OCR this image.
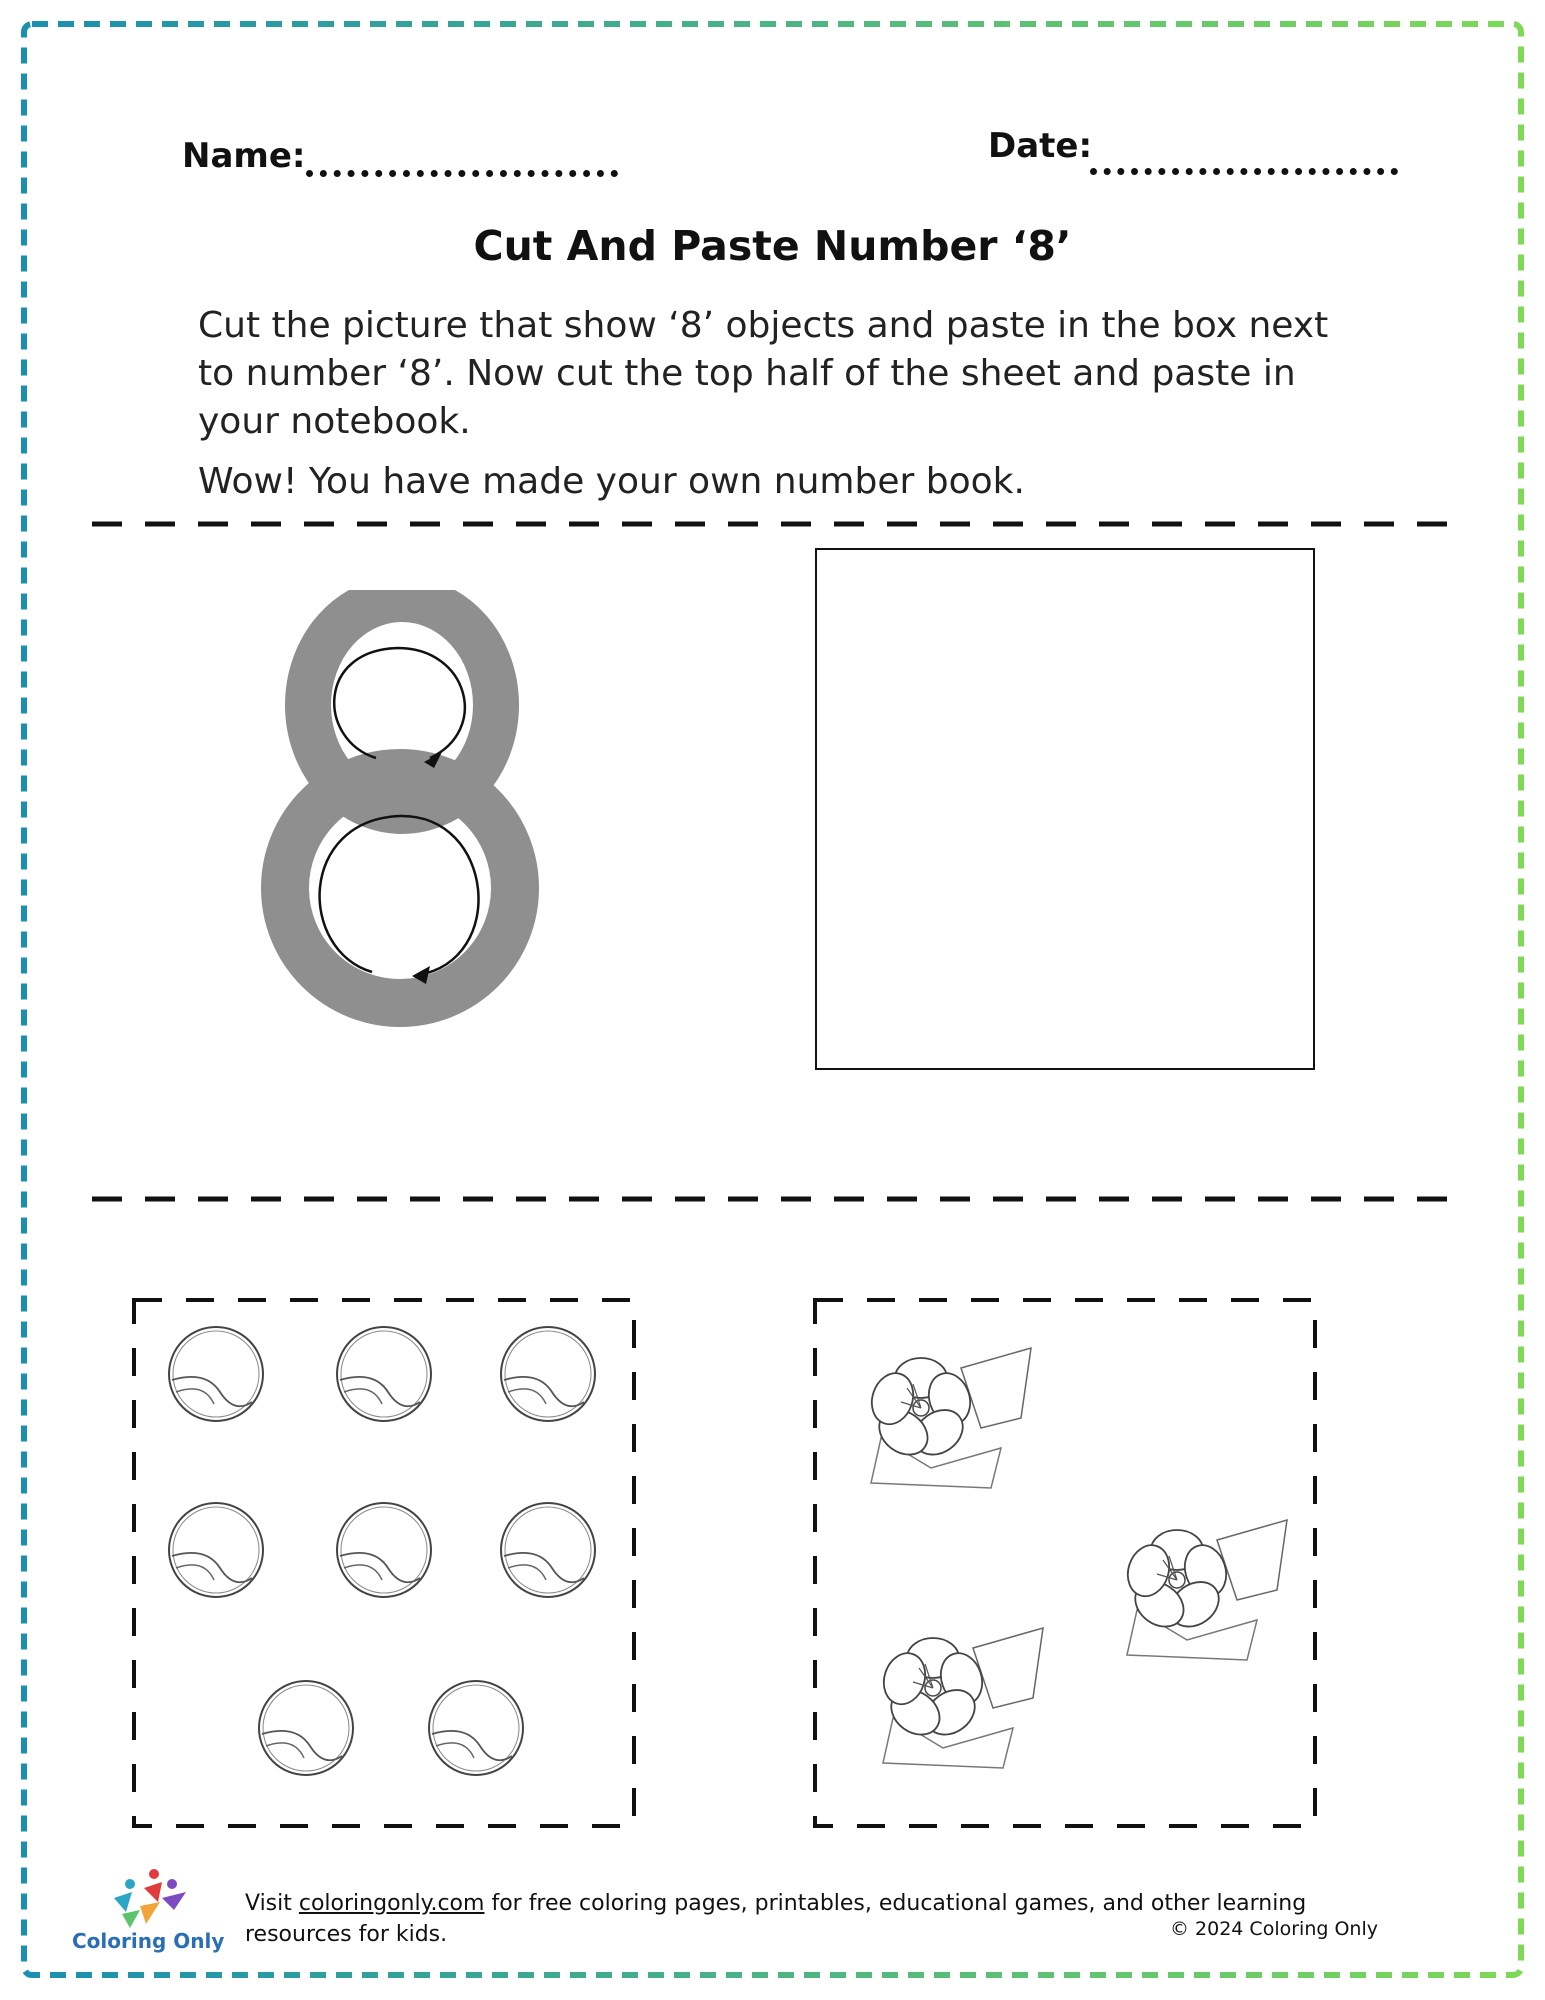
Name:	Date:
Cut And Paste Number ‘8’
Cut the picture that show ‘8’ objects and paste in the box next to number ‘8’. Now cut the top half of the sheet and paste in your notebook.
Wow! You have made your own number book.
Coloring Only
Visit coloringonly.com for free coloring pages, printables, educational games, and other learning resources for kids.	© 2024 Coloring Only
